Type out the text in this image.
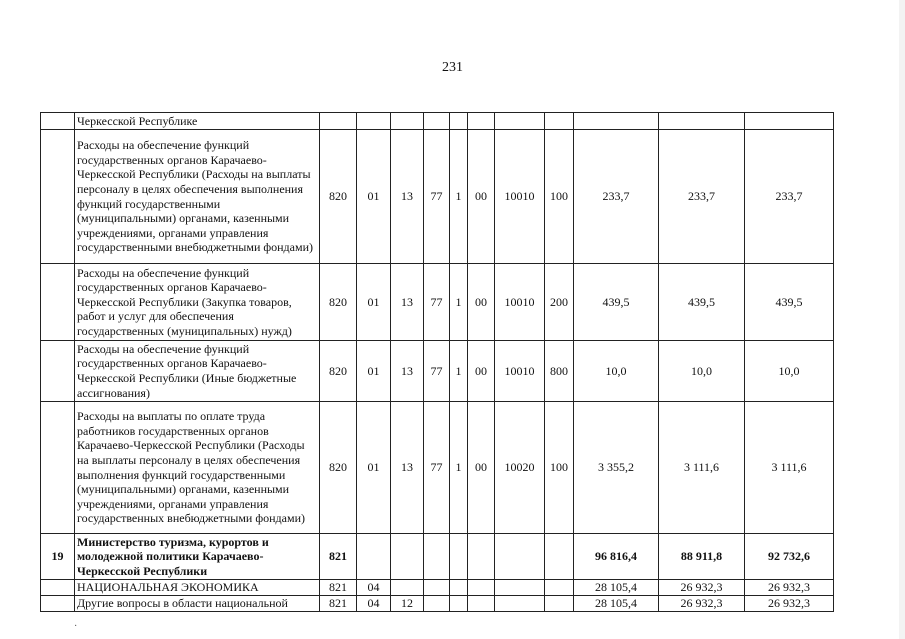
231
	Черкесской Республике											
	Расходы на обеспечение функций государственных органов Карачаево-Черкесской Республики (Расходы на выплаты персоналу в целях обеспечения выполнения функций государственными (муниципальными) органами, казенными учреждениями, органами управления государственными внебюджетными фондами)	820	01	13	77	1	00	10010	100	233,7	233,7	233,7
	Расходы на обеспечение функций государственных органов Карачаево-Черкесской Республики (Закупка товаров, работ и услуг для обеспечения государственных (муниципальных) нужд)	820	01	13	77	1	00	10010	200	439,5	439,5	439,5
	Расходы на обеспечение функций государственных органов Карачаево-Черкесской Республики (Иные бюджетные ассигнования)	820	01	13	77	1	00	10010	800	10,0	10,0	10,0
	Расходы на выплаты по оплате труда работников государственных органов Карачаево-Черкесской Республики (Расходы на выплаты персоналу в целях обеспечения выполнения функций государственными (муниципальными) органами, казенными учреждениями, органами управления государственных внебюджетными фондами)	820	01	13	77	1	00	10020	100	3 355,2	3 111,6	3 111,6
19	Министерство туризма, курортов и молодежной политики Карачаево-Черкесской Республики	821								96 816,4	88 911,8	92 732,6
	НАЦИОНАЛЬНАЯ ЭКОНОМИКА	821	04							28 105,4	26 932,3	26 932,3
	Другие вопросы в области национальной	821	04	12						28 105,4	26 932,3	26 932,3
·
